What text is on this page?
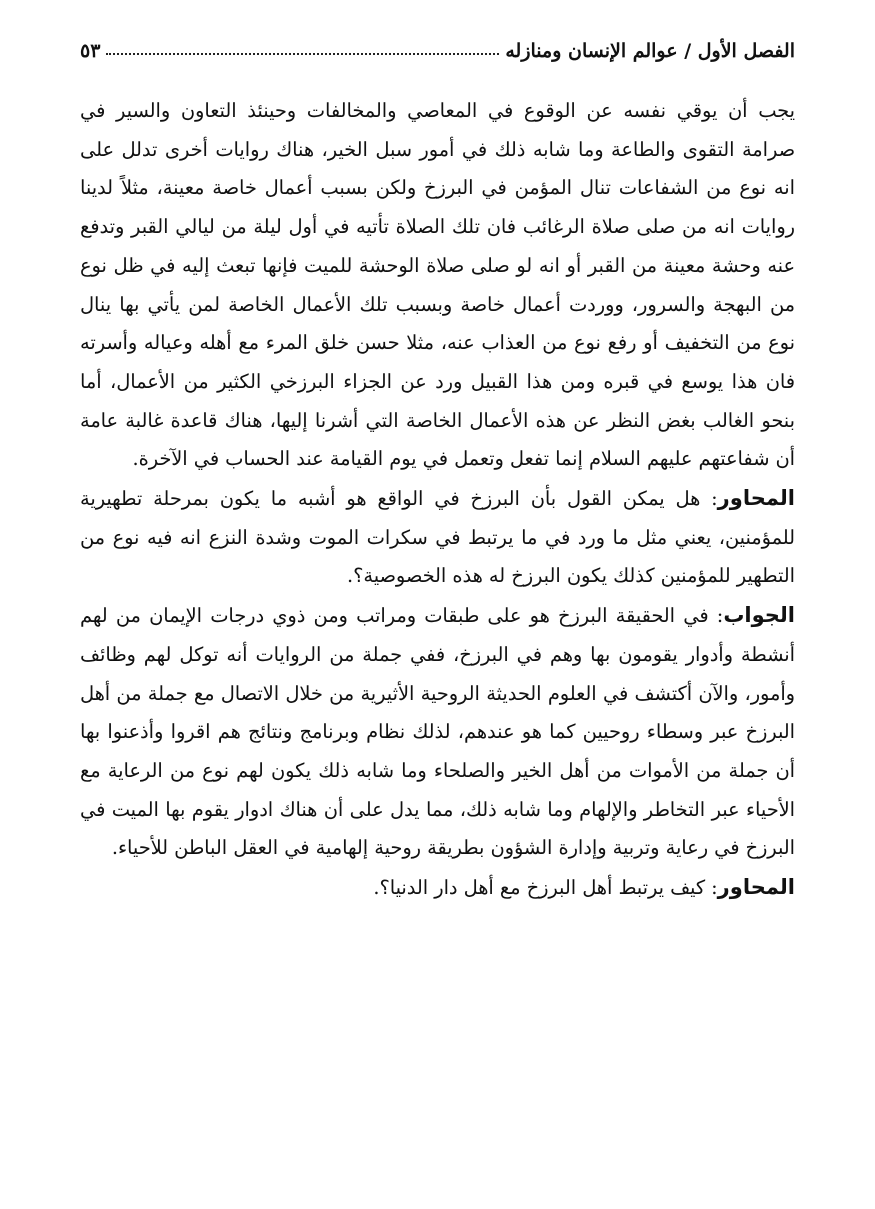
الفصل الأول / عوالم الإنسان ومنازله
٥٣

يجب أن يوقي نفسه عن الوقوع في المعاصي والمخالفات وحينئذ التعاون والسير في صرامة التقوى والطاعة وما شابه ذلك في أمور سبل الخير، هناك روايات أخرى تدلل على انه نوع من الشفاعات تنال المؤمن في البرزخ ولكن بسبب أعمال خاصة معينة، مثلاً لدينا روايات انه من صلى صلاة الرغائب فان تلك الصلاة تأتيه في أول ليلة من ليالي القبر وتدفع عنه وحشة معينة من القبر أو انه لو صلى صلاة الوحشة للميت فإنها تبعث إليه في ظل نوع من البهجة والسرور، ووردت أعمال خاصة وبسبب تلك الأعمال الخاصة لمن يأتي بها ينال نوع من التخفيف أو رفع نوع من العذاب عنه، مثلا حسن خلق المرء مع أهله وعياله وأسرته فان هذا يوسع في قبره ومن هذا القبيل ورد عن الجزاء البرزخي الكثير من الأعمال، أما بنحو الغالب بغض النظر عن هذه الأعمال الخاصة التي أشرنا إليها، هناك قاعدة غالبة عامة أن شفاعتهم عليهم السلام إنما تفعل وتعمل في يوم القيامة عند الحساب في الآخرة.

المحاور: هل يمكن القول بأن البرزخ في الواقع هو أشبه ما يكون بمرحلة تطهيرية للمؤمنين، يعني مثل ما ورد في ما يرتبط في سكرات الموت وشدة النزع انه فيه نوع من التطهير للمؤمنين كذلك يكون البرزخ له هذه الخصوصية؟.

الجواب: في الحقيقة البرزخ هو على طبقات ومراتب ومن ذوي درجات الإيمان من لهم أنشطة وأدوار يقومون بها وهم في البرزخ، ففي جملة من الروايات أنه توكل لهم وظائف وأمور، والآن أكتشف في العلوم الحديثة الروحية الأثيرية من خلال الاتصال مع جملة من أهل البرزخ عبر وسطاء روحيين كما هو عندهم، لذلك نظام وبرنامج ونتائج هم اقروا وأذعنوا بها أن جملة من الأموات من أهل الخير والصلحاء وما شابه ذلك يكون لهم نوع من الرعاية مع الأحياء عبر التخاطر والإلهام وما شابه ذلك، مما يدل على أن هناك ادوار يقوم بها الميت في البرزخ في رعاية وتربية وإدارة الشؤون بطريقة روحية إلهامية في العقل الباطن للأحياء.

المحاور: كيف يرتبط أهل البرزخ مع أهل دار الدنيا؟.
